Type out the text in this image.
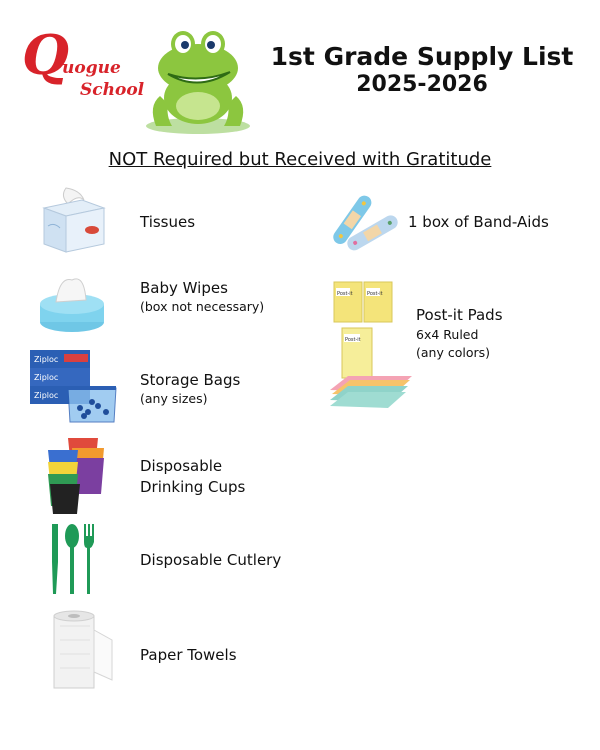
Q
uogue
School
1st Grade Supply List
2025-2026
NOT Required but Received with Gratitude
Tissues
Baby Wipes
(box not necessary)
Ziploc
Ziploc
Ziploc
Storage Bags
(any sizes)
Disposable
Drinking Cups
Disposable Cutlery
Paper Towels
1 box of Band-Aids
Post-it	Post-it
Post-it
Post-it Pads
6x4 Ruled
(any colors)
